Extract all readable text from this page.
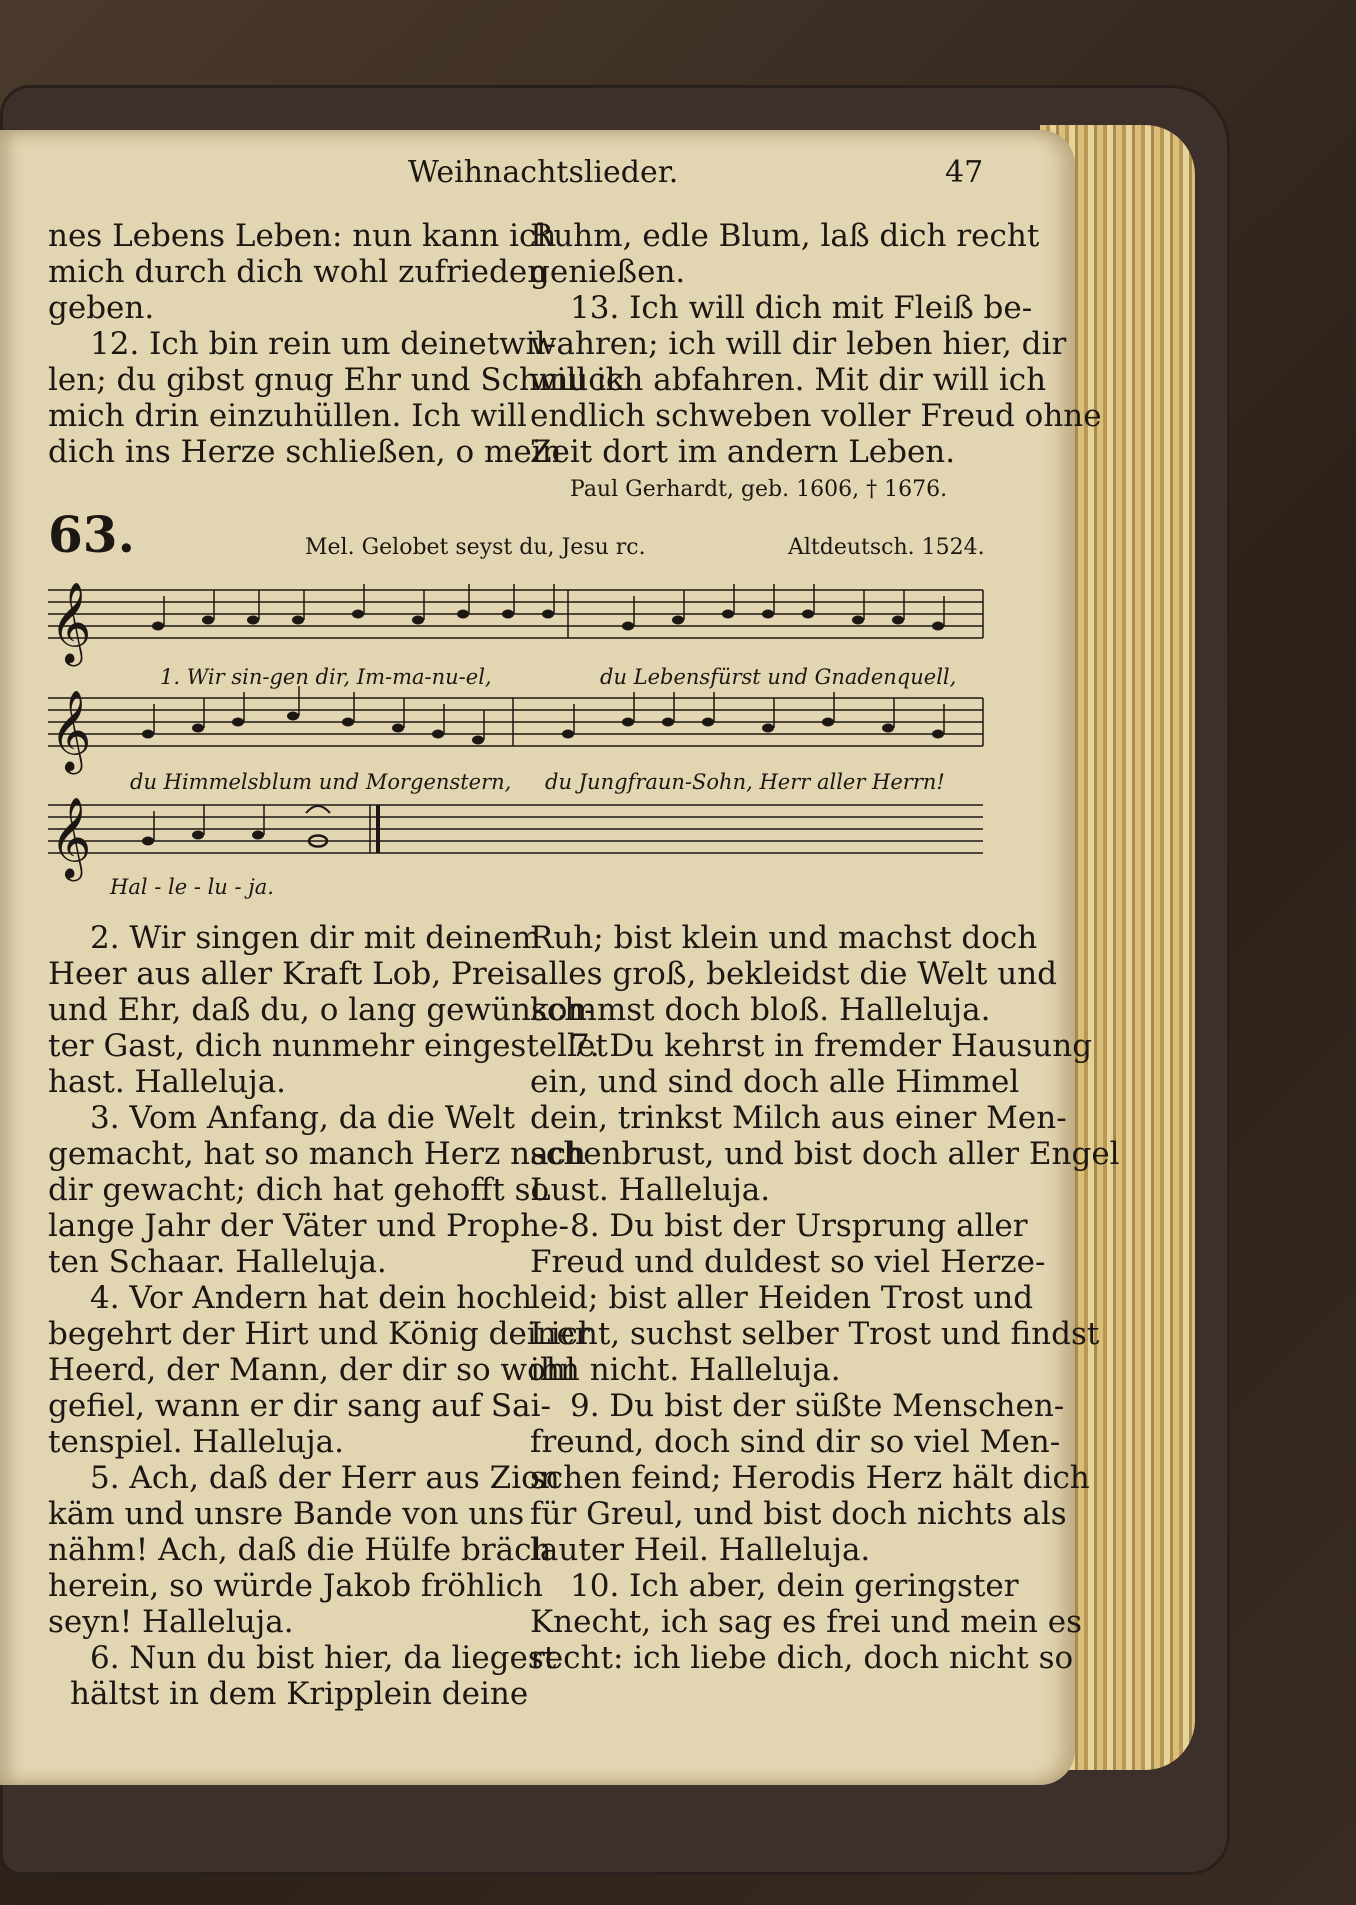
Weihnachtslieder.	47
nes Lebens Leben: nun kann ich
mich durch dich wohl zufrieden
geben.
12. Ich bin rein um deinetwil-
len; du gibst gnug Ehr und Schmuck
mich drin einzuhüllen. Ich will
dich ins Herze schließen, o mein
Ruhm, edle Blum, laß dich recht
genießen.
13. Ich will dich mit Fleiß be-
wahren; ich will dir leben hier, dir
will ich abfahren. Mit dir will ich
endlich schweben voller Freud ohne
Zeit dort im andern Leben.
Paul Gerhardt, geb. 1606, † 1676.
63.	Mel. Gelobet seyst du, Jesu rc.	Altdeutsch. 1524.
𝄞
1. Wir sin-gen dir, Im-ma-nu-el,	du Lebensfürst und Gnadenquell,
𝄞
du Himmelsblum und Morgenstern, du Jungfraun-Sohn, Herr aller Herrn!
𝄞
Hal - le - lu - ja.
2. Wir singen dir mit deinem
Heer aus aller Kraft Lob, Preis
und Ehr, daß du, o lang gewünsch-
ter Gast, dich nunmehr eingestellet
hast. Halleluja.
3. Vom Anfang, da die Welt
gemacht, hat so manch Herz nach
dir gewacht; dich hat gehofft so
lange Jahr der Väter und Prophe-
ten Schaar. Halleluja.
4. Vor Andern hat dein hoch
begehrt der Hirt und König deiner
Heerd, der Mann, der dir so wohl
gefiel, wann er dir sang auf Sai-
tenspiel. Halleluja.
5. Ach, daß der Herr aus Zion
käm und unsre Bande von uns
nähm! Ach, daß die Hülfe bräch
herein, so würde Jakob fröhlich
seyn! Halleluja.
6. Nun du bist hier, da liegest
hältst in dem Kripplein deine
Ruh; bist klein und machst doch
alles groß, bekleidst die Welt und
kommst doch bloß. Halleluja.
7. Du kehrst in fremder Hausung
ein, und sind doch alle Himmel
dein, trinkst Milch aus einer Men-
schenbrust, und bist doch aller Engel
Lust. Halleluja.
8. Du bist der Ursprung aller
Freud und duldest so viel Herze-
leid; bist aller Heiden Trost und
Licht, suchst selber Trost und findst
ihn nicht. Halleluja.
9. Du bist der süßte Menschen-
freund, doch sind dir so viel Men-
schen feind; Herodis Herz hält dich
für Greul, und bist doch nichts als
lauter Heil. Halleluja.
10. Ich aber, dein geringster
Knecht, ich sag es frei und mein es
recht: ich liebe dich, doch nicht so
